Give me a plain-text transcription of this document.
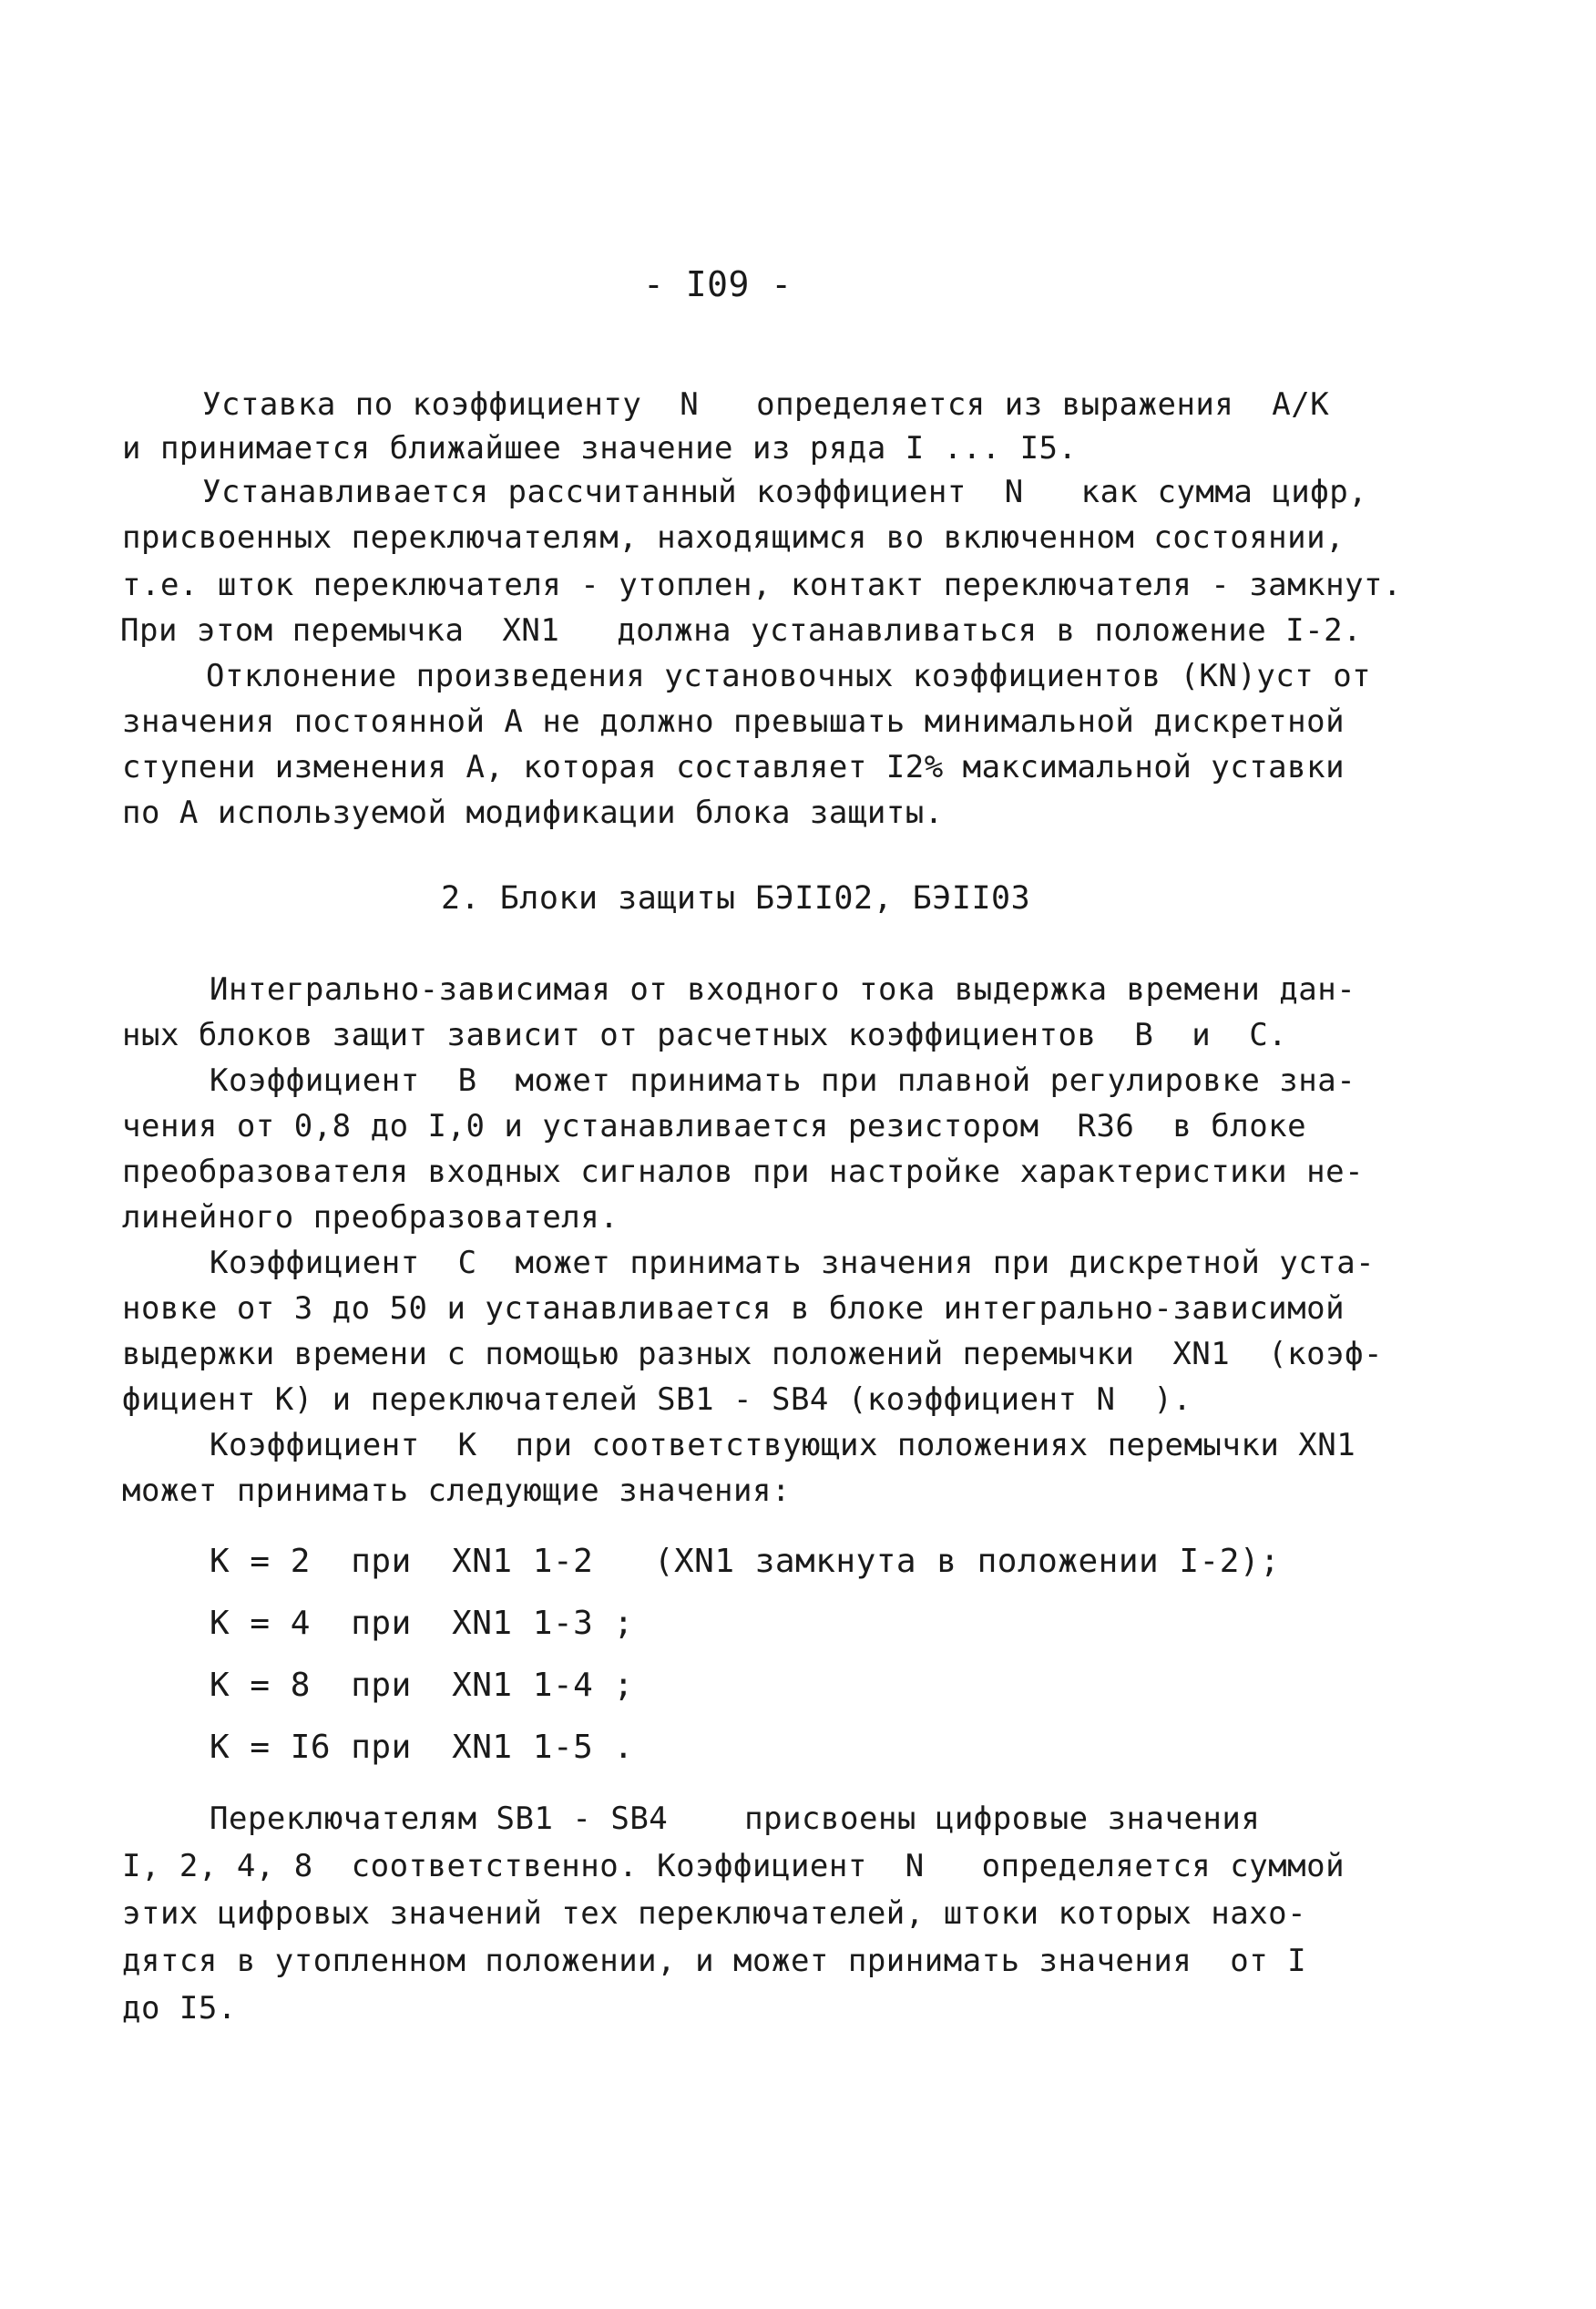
- I09 -
Уставка по коэффициенту  N   определяется из выражения  А/К
и принимается ближайшее значение из ряда I ... I5.
Устанавливается рассчитанный коэффициент  N   как сумма цифр,
присвоенных переключателям, находящимся во включенном состоянии,
т.е. шток переключателя - утоплен, контакт переключателя - замкнут.
При этом перемычка  XN1   должна устанавливаться в положение I-2.
Отклонение произведения установочных коэффициентов (KN)уст от
значения постоянной А не должно превышать минимальной дискретной
ступени изменения А, которая составляет I2% максимальной уставки
по А используемой модификации блока защиты.
2. Блоки защиты БЭII02, БЭII03
Интегрально-зависимая от входного тока выдержка времени дан-
ных блоков защит зависит от расчетных коэффициентов  В  и  С.
Коэффициент  В  может принимать при плавной регулировке зна-
чения от 0,8 до I,0 и устанавливается резистором  R36  в блоке
преобразователя входных сигналов при настройке характеристики не-
линейного преобразователя.
Коэффициент  С  может принимать значения при дискретной уста-
новке от 3 до 50 и устанавливается в блоке интегрально-зависимой
выдержки времени с помощью разных положений перемычки  XN1  (коэф-
фициент К) и переключателей SB1 - SB4 (коэффициент N  ).
Коэффициент  К  при соответствующих положениях перемычки XN1
может принимать следующие значения:
К = 2  при  XN1 1-2   (XN1 замкнута в положении I-2);
К = 4  при  XN1 1-3 ;
К = 8  при  XN1 1-4 ;
К = I6 при  XN1 1-5 .
Переключателям SB1 - SB4    присвоены цифровые значения
I, 2, 4, 8  соответственно. Коэффициент  N   определяется суммой
этих цифровых значений тех переключателей, штоки которых нахо-
дятся в утопленном положении, и может принимать значения  от I
до I5.
